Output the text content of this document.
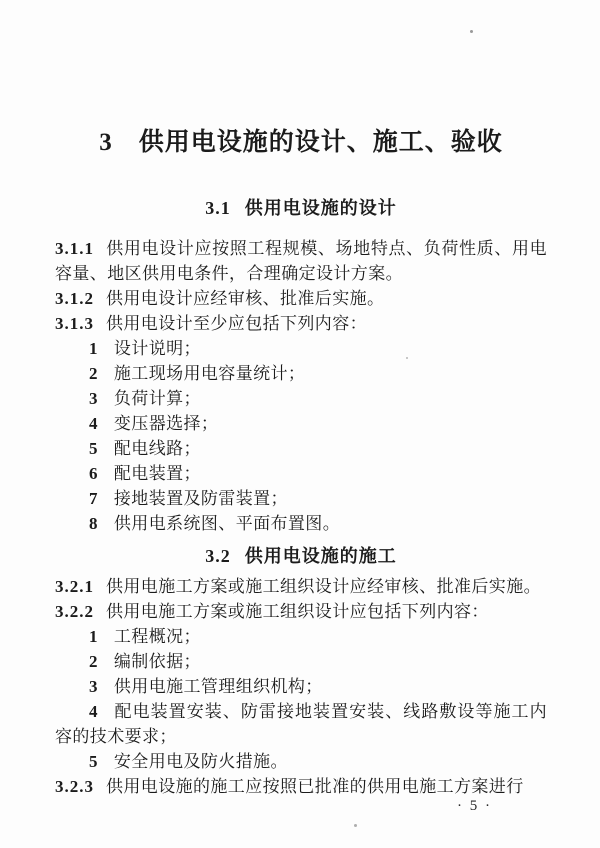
3 供用电设施的设计、施工、验收
3.1 供用电设施的设计

3.1.1 供用电设计应按照工程规模、场地特点、负荷性质、用电容量、地区供用电条件，合理确定设计方案。

3.1.2 供用电设计应经审核、批准后实施。

3.1.3 供用电设计至少应包括下列内容：

1 设计说明；

2 施工现场用电容量统计；

3 负荷计算；

4 变压器选择；

5 配电线路；

6 配电装置；

7 接地装置及防雷装置；

8 供用电系统图、平面布置图。

3.2 供用电设施的施工

3.2.1 供用电施工方案或施工组织设计应经审核、批准后实施。

3.2.2 供用电施工方案或施工组织设计应包括下列内容：

1 工程概况；

2 编制依据；

3 供用电施工管理组织机构；

4 配电装置安装、防雷接地装置安装、线路敷设等施工内容的技术要求；

5 安全用电及防火措施。

3.2.3 供用电设施的施工应按照已批准的供用电施工方案进行

· 5 ·
